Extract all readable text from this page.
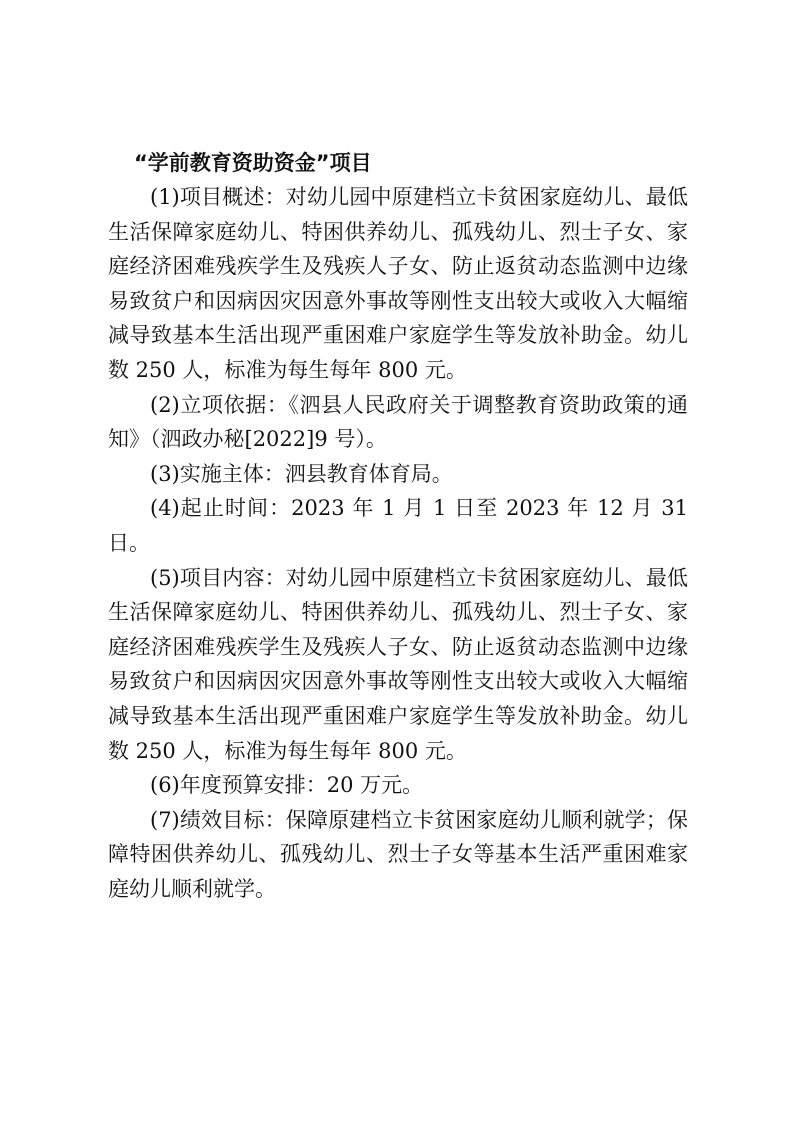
“学前教育资助资金”项目

(1)项目概述：对幼儿园中原建档立卡贫困家庭幼儿、最低生活保障家庭幼儿、特困供养幼儿、孤残幼儿、烈士子女、家庭经济困难残疾学生及残疾人子女、防止返贫动态监测中边缘易致贫户和因病因灾因意外事故等刚性支出较大或收入大幅缩减导致基本生活出现严重困难户家庭学生等发放补助金。幼儿数 250 人，标准为每生每年 800 元。

(2)立项依据：《泗县人民政府关于调整教育资助政策的通知》（泗政办秘[2022]9 号）。

(3)实施主体：泗县教育体育局。

(4)起止时间：2023 年 1 月 1 日至 2023 年 12 月 31 日。

(5)项目内容：对幼儿园中原建档立卡贫困家庭幼儿、最低生活保障家庭幼儿、特困供养幼儿、孤残幼儿、烈士子女、家庭经济困难残疾学生及残疾人子女、防止返贫动态监测中边缘易致贫户和因病因灾因意外事故等刚性支出较大或收入大幅缩减导致基本生活出现严重困难户家庭学生等发放补助金。幼儿数 250 人，标准为每生每年 800 元。

(6)年度预算安排：20 万元。

(7)绩效目标：保障原建档立卡贫困家庭幼儿顺利就学；保障特困供养幼儿、孤残幼儿、烈士子女等基本生活严重困难家庭幼儿顺利就学。
